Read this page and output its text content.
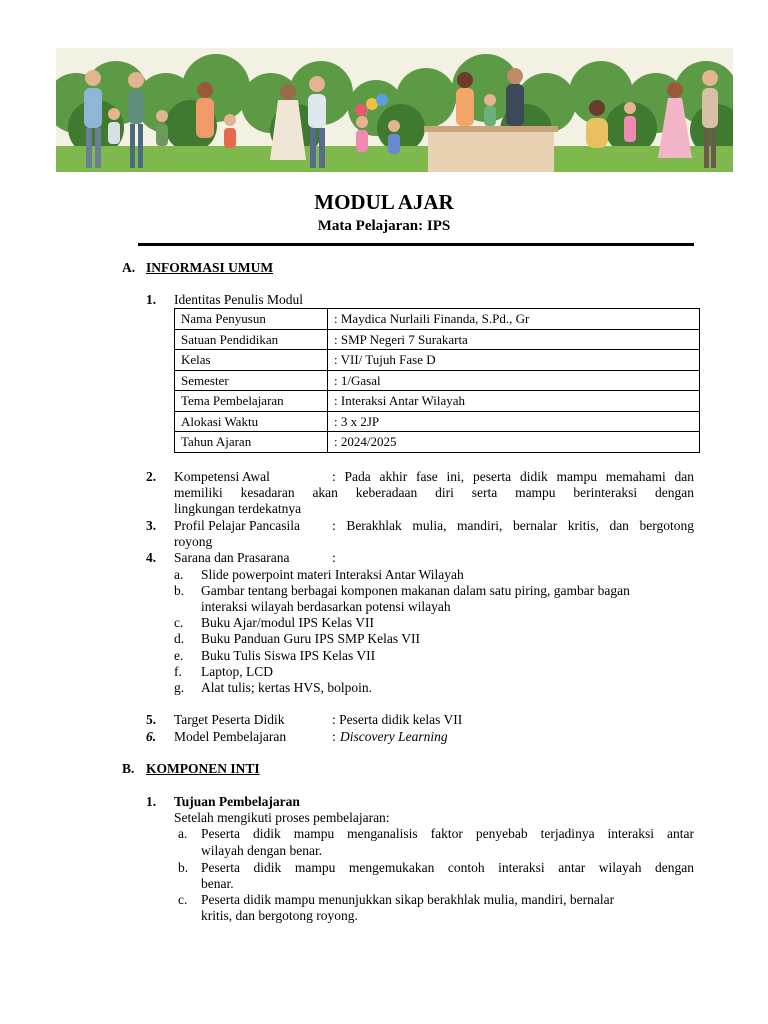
MODUL AJAR
Mata Pelajaran: IPS
A. INFORMASI UMUM
1. Identitas Penulis Modul
Nama Penyusun	: Maydica Nurlaili Finanda, S.Pd., Gr
Satuan Pendidikan	: SMP Negeri 7 Surakarta
Kelas	: VII/ Tujuh Fase D
Semester	: 1/Gasal
Tema Pembelajaran	: Interaksi Antar Wilayah
Alokasi Waktu	: 3 x 2JP
Tahun Ajaran	: 2024/2025
2. Kompetensi Awal	: Pada akhir fase ini, peserta didik mampu memahami dan
memiliki kesadaran akan keberadaan diri serta mampu berinteraksi dengan
lingkungan terdekatnya
3. Profil Pelajar Pancasila : Berakhlak mulia, mandiri, bernalar kritis, dan bergotong
royong
4. Sarana dan Prasarana	:
a. Slide powerpoint materi Interaksi Antar Wilayah
b. Gambar tentang berbagai komponen makanan dalam satu piring, gambar bagan
interaksi wilayah berdasarkan potensi wilayah
c. Buku Ajar/modul IPS Kelas VII
d. Buku Panduan Guru IPS SMP Kelas VII
e. Buku Tulis Siswa IPS Kelas VII
f. Laptop, LCD
g. Alat tulis; kertas HVS, bolpoin.
5. Target Peserta Didik	: Peserta didik kelas VII
6. Model Pembelajaran	: Discovery Learning
B. KOMPONEN INTI
1. Tujuan Pembelajaran
Setelah mengikuti proses pembelajaran:
a. Peserta didik mampu menganalisis faktor penyebab terjadinya interaksi antar
wilayah dengan benar.
b. Peserta didik mampu mengemukakan contoh interaksi antar wilayah dengan
benar.
c. Peserta didik mampu menunjukkan sikap berakhlak mulia, mandiri, bernalar
kritis, dan bergotong royong.
